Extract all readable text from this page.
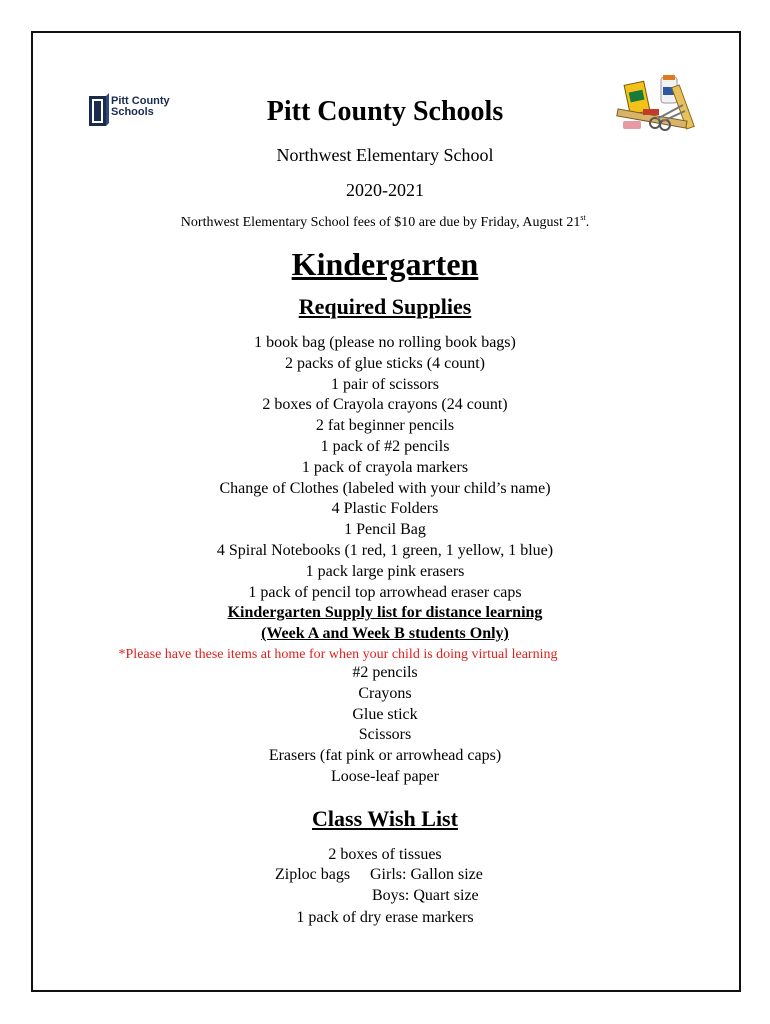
Pitt County
Schools	Pitt County Schools
Northwest Elementary School
2020-2021
Northwest Elementary School fees of $10 are due by Friday, August 21st.
Kindergarten
Required Supplies
1 book bag (please no rolling book bags)
2 packs of glue sticks (4 count)
1 pair of scissors
2 boxes of Crayola crayons (24 count)
2 fat beginner pencils
1 pack of #2 pencils
1 pack of crayola markers
Change of Clothes (labeled with your child’s name)
4 Plastic Folders
1 Pencil Bag
4 Spiral Notebooks (1 red, 1 green, 1 yellow, 1 blue)
1 pack large pink erasers
1 pack of pencil top arrowhead eraser caps
Kindergarten Supply list for distance learning
(Week A and Week B students Only)
*Please have these items at home for when your child is doing virtual learning
#2 pencils
Crayons
Glue stick
Scissors
Erasers (fat pink or arrowhead caps)
Loose-leaf paper
Class Wish List
2 boxes of tissues
Ziploc bags Girls: Gallon size
Boys: Quart size
1 pack of dry erase markers
